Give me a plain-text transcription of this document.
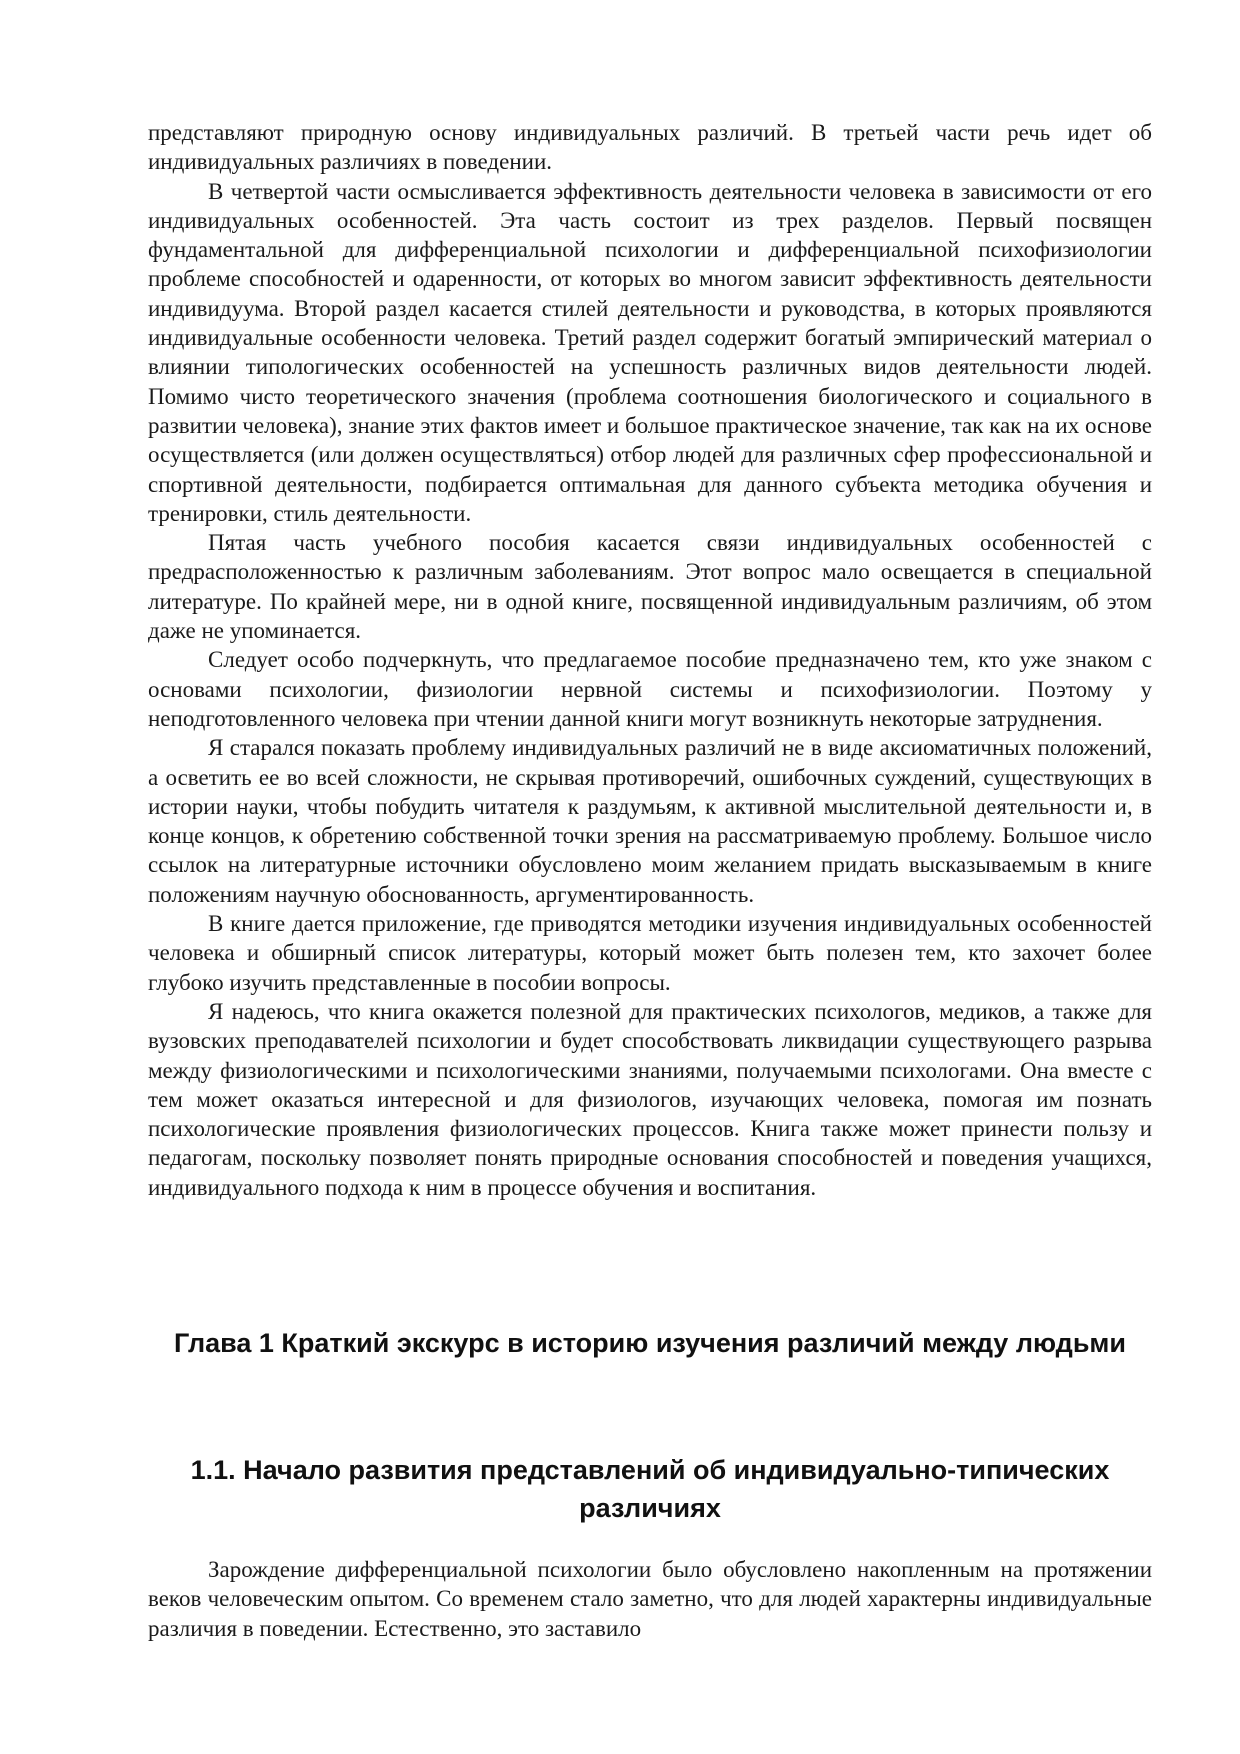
представляют природную основу индивидуальных различий. В третьей части речь идет об индивидуальных различиях в поведении.

В четвертой части осмысливается эффективность деятельности человека в зависимости от его индивидуальных особенностей. Эта часть состоит из трех разделов. Первый посвящен фундаментальной для дифференциальной психологии и дифференциальной психофизиологии проблеме способностей и одаренности, от которых во многом зависит эффективность деятельности индивидуума. Второй раздел касается стилей деятельности и руководства, в которых проявляются индивидуальные особенности человека. Третий раздел содержит богатый эмпирический материал о влиянии типологических особенностей на успешность различных видов деятельности людей. Помимо чисто теоретического значения (проблема соотношения биологического и социального в развитии человека), знание этих фактов имеет и большое практическое значение, так как на их основе осуществляется (или должен осуществляться) отбор людей для различных сфер профессиональной и спортивной деятельности, подбирается оптимальная для данного субъекта методика обучения и тренировки, стиль деятельности.

Пятая часть учебного пособия касается связи индивидуальных особенностей с предрасположенностью к различным заболеваниям. Этот вопрос мало освещается в специальной литературе. По крайней мере, ни в одной книге, посвященной индивидуальным различиям, об этом даже не упоминается.

Следует особо подчеркнуть, что предлагаемое пособие предназначено тем, кто уже знаком с основами психологии, физиологии нервной системы и психофизиологии. Поэтому у неподготовленного человека при чтении данной книги могут возникнуть некоторые затруднения.

Я старался показать проблему индивидуальных различий не в виде аксиоматичных положений, а осветить ее во всей сложности, не скрывая противоречий, ошибочных суждений, существующих в истории науки, чтобы побудить читателя к раздумьям, к активной мыслительной деятельности и, в конце концов, к обретению собственной точки зрения на рассматриваемую проблему. Большое число ссылок на литературные источники обусловлено моим желанием придать высказываемым в книге положениям научную обоснованность, аргументированность.

В книге дается приложение, где приводятся методики изучения индивидуальных особенностей человека и обширный список литературы, который может быть полезен тем, кто захочет более глубоко изучить представленные в пособии вопросы.

Я надеюсь, что книга окажется полезной для практических психологов, медиков, а также для вузовских преподавателей психологии и будет способствовать ликвидации существующего разрыва между физиологическими и психологическими знаниями, получаемыми психологами. Она вместе с тем может оказаться интересной и для физиологов, изучающих человека, помогая им познать психологические проявления физиологических процессов. Книга также может принести пользу и педагогам, поскольку позволяет понять природные основания способностей и поведения учащихся, индивидуального подхода к ним в процессе обучения и воспитания.

Глава 1 Краткий экскурс в историю изучения различий между людьми
1.1. Начало развития представлений об индивидуально-типических различиях

Зарождение дифференциальной психологии было обусловлено накопленным на протяжении веков человеческим опытом. Со временем стало заметно, что для людей характерны индивидуальные различия в поведении. Естественно, это заставило
